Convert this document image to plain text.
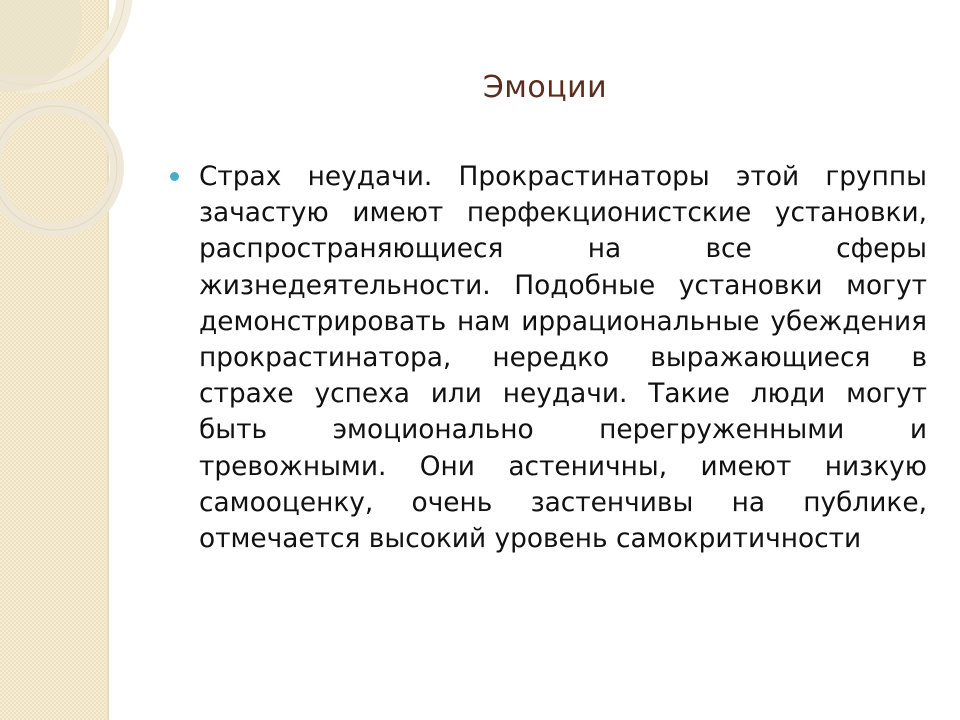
Эмоции
Страх неудачи. Прокрастинаторы этой группы зачастую имеют перфекционистские установки, распространяющиеся на все сферы жизнедеятельности. Подобные установки могут демонстрировать нам иррациональные убеждения прокрастинатора, нередко выражающиеся в страхе успеха или неудачи. Такие люди могут быть эмоционально перегруженными и тревожными. Они астеничны, имеют низкую самооценку, очень застенчивы на публике, отмечается высокий уровень самокритичности
